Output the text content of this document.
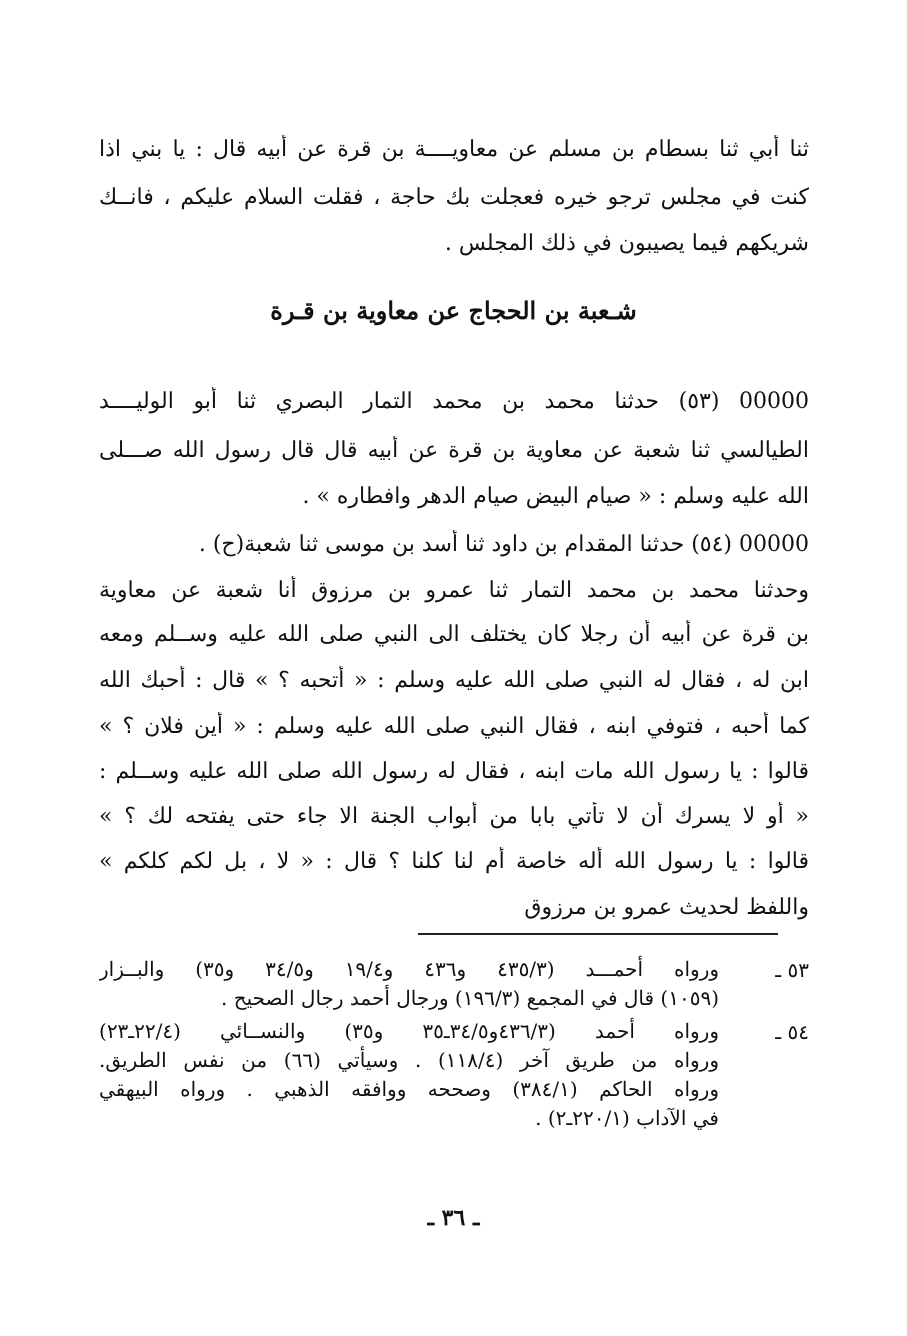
ثنا أبي ثنا بسطام بن مسلم عن معاويــــة بن قرة عن أبيه قال : يا بني اذا
كنت في مجلس ترجو خيره فعجلت بك حاجة ، فقلت السلام عليكم ، فانــك
شريكهم فيما يصيبون في ذلك المجلس .
شـعبة بن الحجاج عن معاوية بن قـرة
00000 (٥٣) حدثنا محمد بن محمد التمار البصري ثنا أبو الوليــــد
الطيالسي ثنا شعبة عن معاوية بن قرة عن أبيه قال قال رسول الله صـــلى
الله عليه وسلم : « صيام البيض صيام الدهر وافطاره » .
00000 (٥٤) حدثنا المقدام بن داود ثنا أسد بن موسى ثنا شعبة(ح) .
وحدثنا محمد بن محمد التمار ثنا عمرو بن مرزوق أنا شعبة عن معاوية
بن قرة عن أبيه أن رجلا كان يختلف الى النبي صلى الله عليه وســلم ومعه
ابن له ، فقال له النبي صلى الله عليه وسلم : « أتحبه ؟ » قال : أحبك الله
كما أحبه ، فتوفي ابنه ، فقال النبي صلى الله عليه وسلم : « أين فلان ؟ »
قالوا : يا رسول الله مات ابنه ، فقال له رسول الله صلى الله عليه وســلم :
« أو لا يسرك أن لا تأتي بابا من أبواب الجنة الا جاء حتى يفتحه لك ؟ »
قالوا : يا رسول الله أله خاصة أم لنا كلنا ؟ قال : « لا ، بل لكم كلكم »
واللفظ لحديث عمرو بن مرزوق
٥٣ ـ
ورواه أحمـــد (٤٣٥/٣ و٤٣٦ و١٩/٤ و٣٤/٥ و٣٥) والبــزار
(١٠٥٩) قال في المجمع (١٩٦/٣) ورجال أحمد رجال الصحيح .
٥٤ ـ
ورواه أحمد (٤٣٦/٣و٣٤/٥ـ٣٥ و٣٥) والنســائي (٢٢/٤ـ٢٣)
ورواه من طريق آخر (١١٨/٤) . وسيأتي (٦٦) من نفس الطريق.
ورواه الحاكم (٣٨٤/١) وصححه ووافقه الذهبي . ورواه البيهقي
في الآداب (٢٢٠/١ـ٢) .
ـ ٣٦ ـ
